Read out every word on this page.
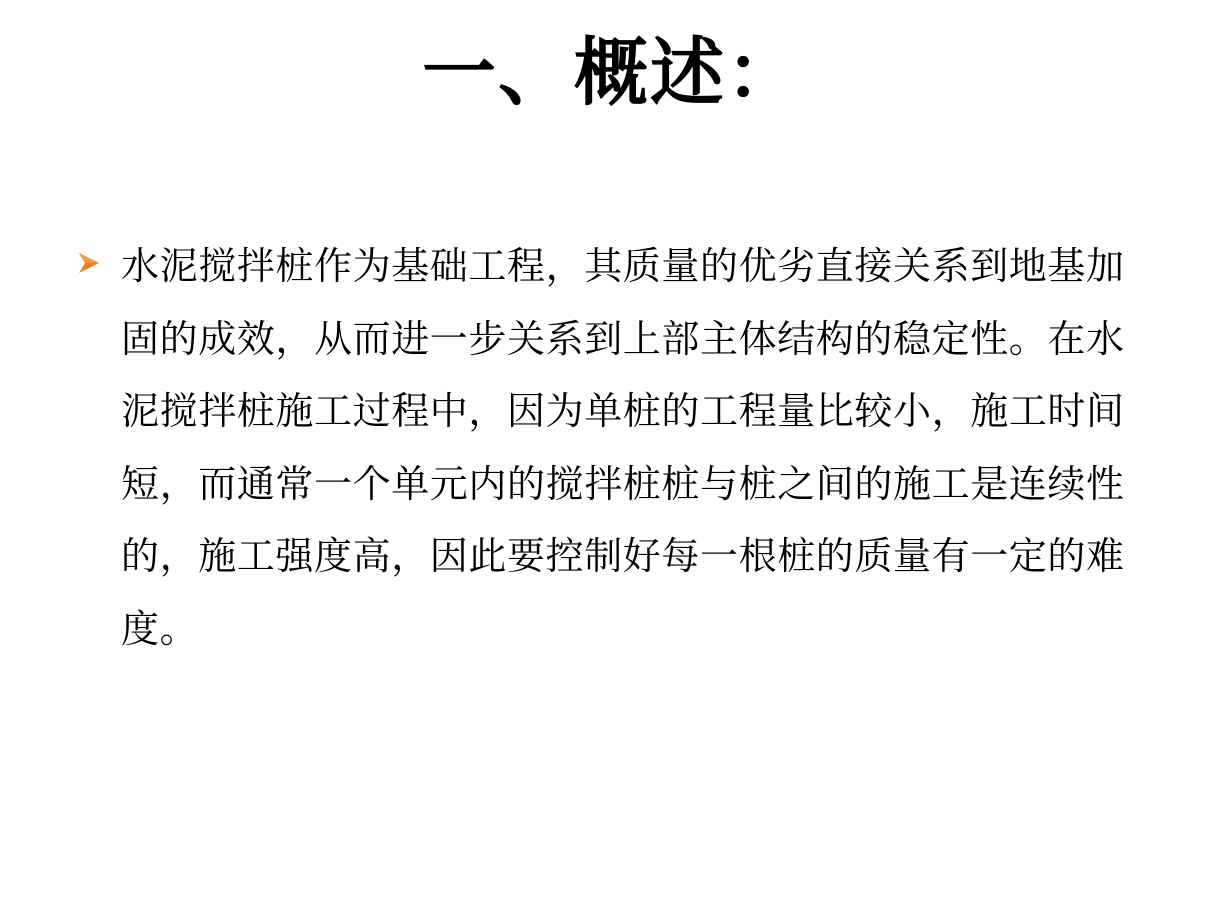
一、概述：
水泥搅拌桩作为基础工程，其质量的优劣直接关系到地基加固的成效，从而进一步关系到上部主体结构的稳定性。在水泥搅拌桩施工过程中，因为单桩的工程量比较小，施工时间短，而通常一个单元内的搅拌桩桩与桩之间的施工是连续性的，施工强度高，因此要控制好每一根桩的质量有一定的难度。
